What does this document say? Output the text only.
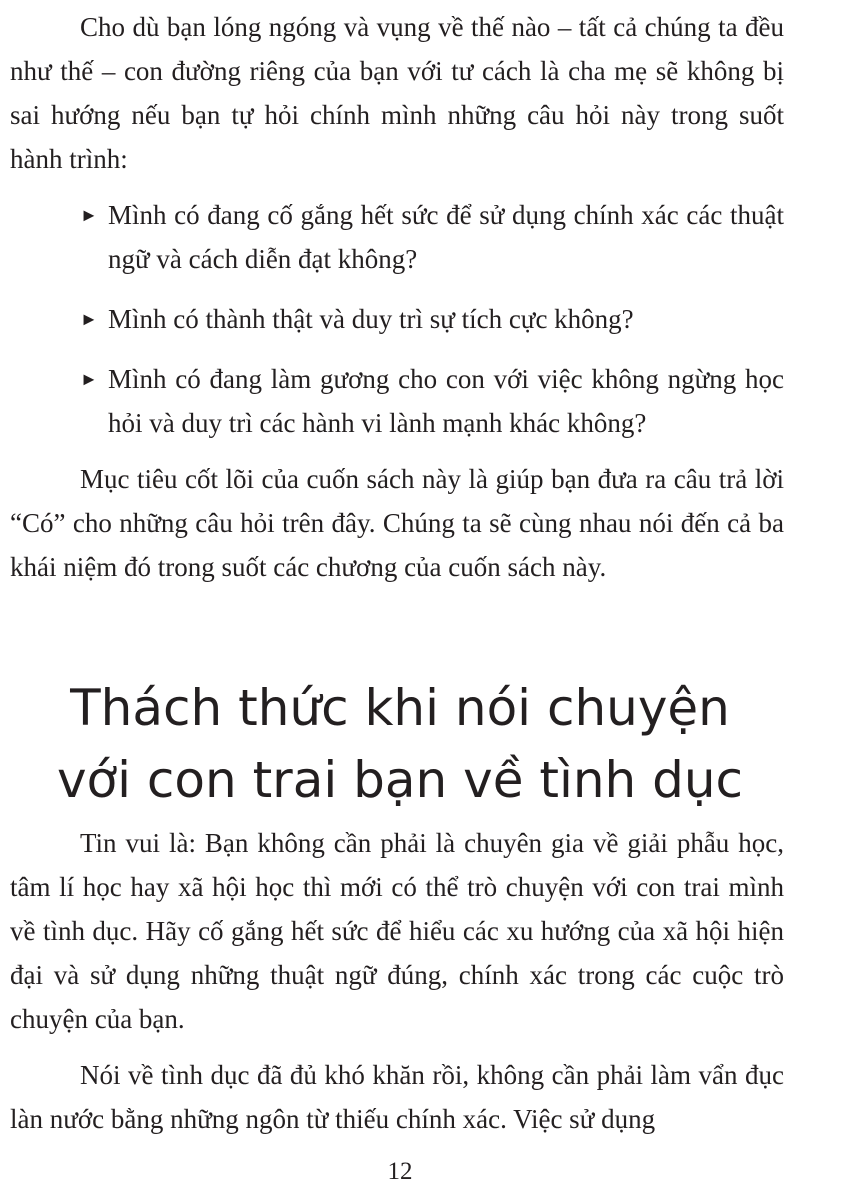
Cho dù bạn lóng ngóng và vụng về thế nào – tất cả chúng ta đều như thế – con đường riêng của bạn với tư cách là cha mẹ sẽ không bị sai hướng nếu bạn tự hỏi chính mình những câu hỏi này trong suốt hành trình:

► Mình có đang cố gắng hết sức để sử dụng chính xác các thuật ngữ và cách diễn đạt không?
► Mình có thành thật và duy trì sự tích cực không?
► Mình có đang làm gương cho con với việc không ngừng học hỏi và duy trì các hành vi lành mạnh khác không?

Mục tiêu cốt lõi của cuốn sách này là giúp bạn đưa ra câu trả lời “Có” cho những câu hỏi trên đây. Chúng ta sẽ cùng nhau nói đến cả ba khái niệm đó trong suốt các chương của cuốn sách này.

Thách thức khi nói chuyện
với con trai bạn về tình dục

Tin vui là: Bạn không cần phải là chuyên gia về giải phẫu học, tâm lí học hay xã hội học thì mới có thể trò chuyện với con trai mình về tình dục. Hãy cố gắng hết sức để hiểu các xu hướng của xã hội hiện đại và sử dụng những thuật ngữ đúng, chính xác trong các cuộc trò chuyện của bạn.

Nói về tình dục đã đủ khó khăn rồi, không cần phải làm vẩn đục làn nước bằng những ngôn từ thiếu chính xác. Việc sử dụng

12
